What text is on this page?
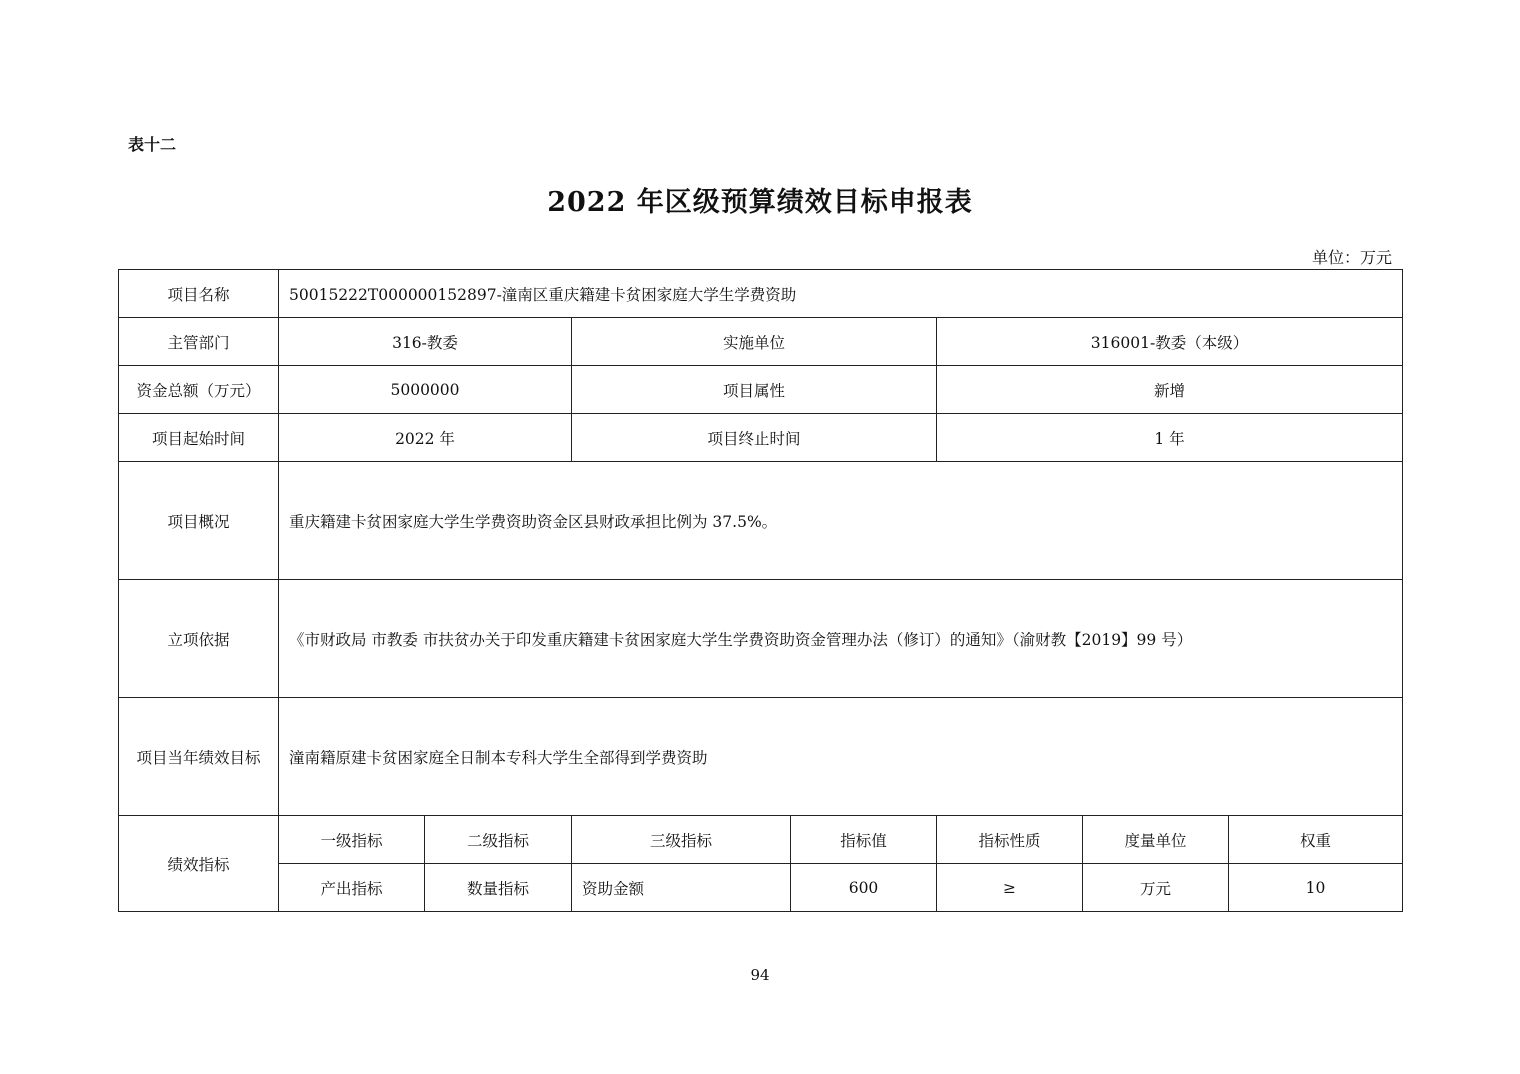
表十二
2022 年区级预算绩效目标申报表
单位：万元
项目名称	50015222T000000152897-潼南区重庆籍建卡贫困家庭大学生学费资助						
主管部门	316-教委		实施单位		316001-教委（本级）		
资金总额（万元）	5000000		项目属性		新增		
项目起始时间	2022 年		项目终止时间		1 年		
项目概况	重庆籍建卡贫困家庭大学生学费资助资金区县财政承担比例为 37.5%。						
立项依据	《市财政局 市教委 市扶贫办关于印发重庆籍建卡贫困家庭大学生学费资助资金管理办法（修订）的通知》（渝财教【2019】99 号）						
项目当年绩效目标	潼南籍原建卡贫困家庭全日制本专科大学生全部得到学费资助						
绩效指标	一级指标	二级指标	三级指标	指标值	指标性质	度量单位	权重
	产出指标	数量指标	资助金额	600	≥	万元	10
94
